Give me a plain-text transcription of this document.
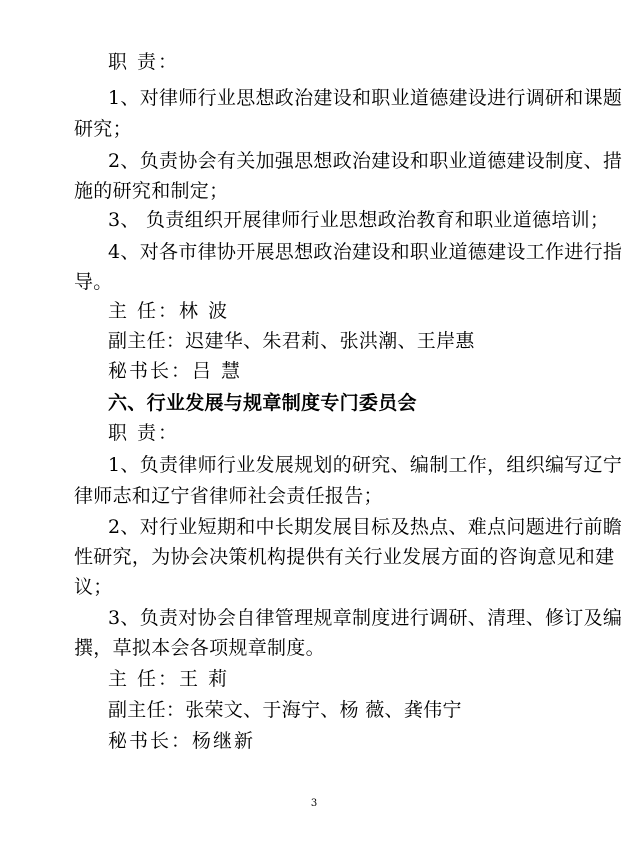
职 责：
1、对律师行业思想政治建设和职业道德建设进行调研和课题
研究；
2、负责协会有关加强思想政治建设和职业道德建设制度、措
施的研究和制定；
3、 负责组织开展律师行业思想政治教育和职业道德培训；
4、对各市律协开展思想政治建设和职业道德建设工作进行指
导。
主 任：林 波
副主任：迟建华、朱君莉、张洪潮、王岸惠
秘书长：吕 慧
六、行业发展与规章制度专门委员会
职 责：
1、负责律师行业发展规划的研究、编制工作，组织编写辽宁
律师志和辽宁省律师社会责任报告；
2、对行业短期和中长期发展目标及热点、难点问题进行前瞻
性研究，为协会决策机构提供有关行业发展方面的咨询意见和建
议；
3、负责对协会自律管理规章制度进行调研、清理、修订及编
撰，草拟本会各项规章制度。
主 任：王 莉
副主任：张荣文、于海宁、杨 薇、龚伟宁
秘书长：杨继新
3
